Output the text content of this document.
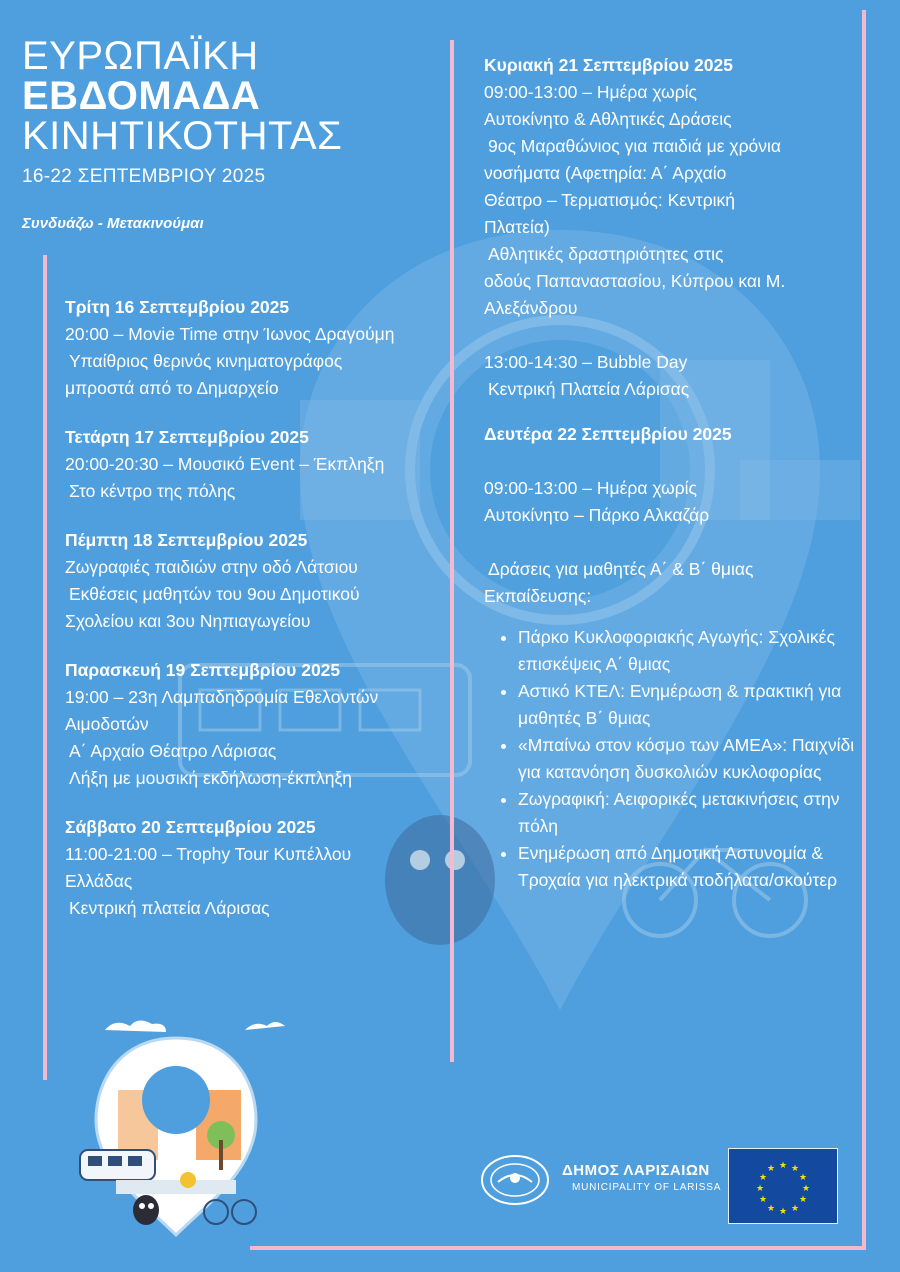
ΕΥΡΩΠΑΪΚΗ
ΕΒΔΟΜΑΔΑ
ΚΙΝΗΤΙΚΟΤΗΤΑΣ
16-22 ΣΕΠΤΕΜΒΡΙΟΥ 2025
Συνδυάζω - Μετακινούμαι
Τρίτη 16 Σεπτεμβρίου 2025
20:00 – Movie Time στην Ίωνος Δραγούμη
Υπαίθριος θερινός κινηματογράφος
μπροστά από το Δημαρχείο
Τετάρτη 17 Σεπτεμβρίου 2025
20:00-20:30 – Μουσικό Event – Έκπληξη
Στο κέντρο της πόλης
Πέμπτη 18 Σεπτεμβρίου 2025
Ζωγραφιές παιδιών στην οδό Λάτσιου
Εκθέσεις μαθητών του 9ου Δημοτικού
Σχολείου και 3ου Νηπιαγωγείου
Παρασκευή 19 Σεπτεμβρίου 2025
19:00 – 23η Λαμπαδηδρομία Εθελοντών
Αιμοδοτών
Α΄ Αρχαίο Θέατρο Λάρισας
Λήξη με μουσική εκδήλωση-έκπληξη
Σάββατο 20 Σεπτεμβρίου 2025
11:00-21:00 – Trophy Tour Κυπέλλου
Ελλάδας
Κεντρική πλατεία Λάρισας
Κυριακή 21 Σεπτεμβρίου 2025
09:00-13:00 – Ημέρα χωρίς
Αυτοκίνητο & Αθλητικές Δράσεις
9ος Μαραθώνιος για παιδιά με χρόνια
νοσήματα (Αφετηρία: Α΄ Αρχαίο
Θέατρο – Τερματισμός: Κεντρική
Πλατεία)
Αθλητικές δραστηριότητες στις
οδούς Παπαναστασίου, Κύπρου και Μ.
Αλεξάνδρου
13:00-14:30 – Bubble Day
Κεντρική Πλατεία Λάρισας
Δευτέρα 22 Σεπτεμβρίου 2025
09:00-13:00 – Ημέρα χωρίς
Αυτοκίνητο – Πάρκο Αλκαζάρ
Δράσεις για μαθητές Α΄ & Β΄ θμιας
Εκπαίδευσης:
• Πάρκο Κυκλοφοριακής Αγωγής: Σχολικές επισκέψεις Α΄ θμιας
• Αστικό ΚΤΕΛ: Ενημέρωση & πρακτική για μαθητές Β΄ θμιας
• «Μπαίνω στον κόσμο των ΑΜΕΑ»: Παιχνίδι για κατανόηση δυσκολιών κυκλοφορίας
• Ζωγραφική: Αειφορικές μετακινήσεις στην πόλη
• Ενημέρωση από Δημοτική Αστυνομία & Τροχαία για ηλεκτρικά ποδήλατα/σκούτερ
ΔΗΜΟΣ ΛΑΡΙΣΑΙΩΝ
MUNICIPALITY OF LARISSA
★ ★
★
★
★
★
★
★
★
★
★
★
